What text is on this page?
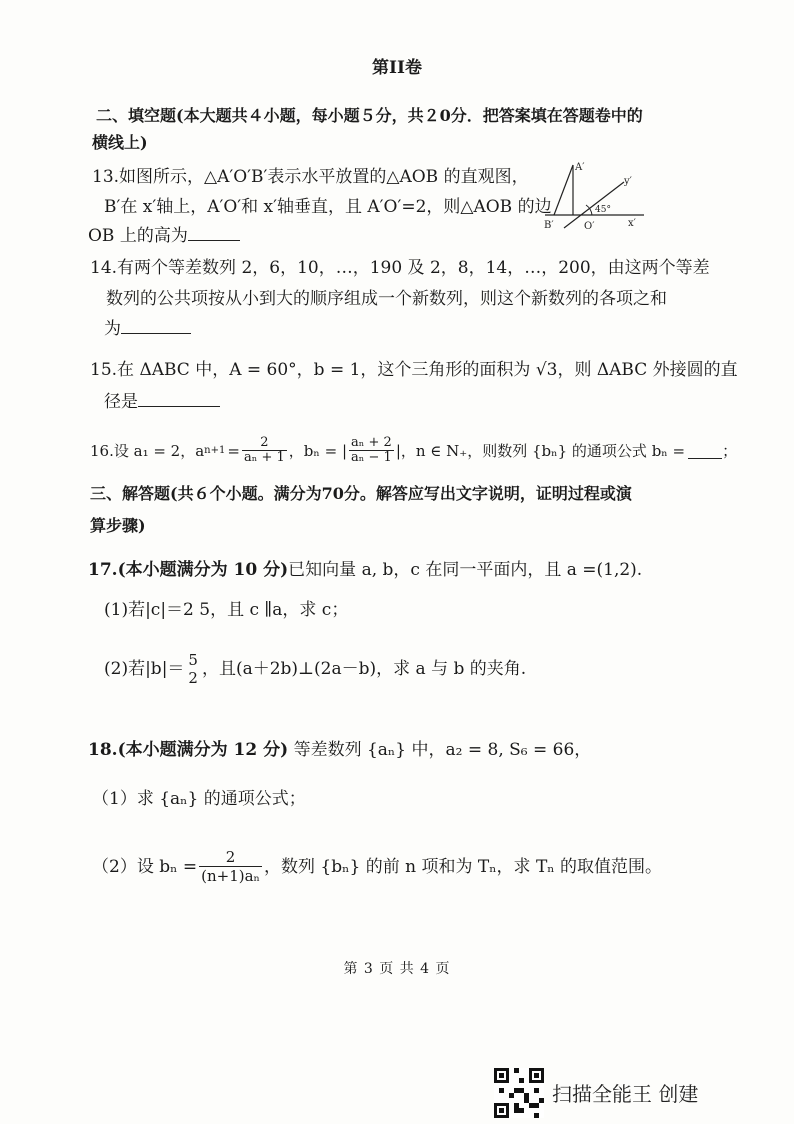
第II卷
二、填空题(本大题共４小题，每小题５分，共２0分．把答案填在答题卷中的
横线上)
13.如图所示，△A′O′B′表示水平放置的△AOB 的直观图，
B′在 x′轴上，A′O′和 x′轴垂直，且 A′O′=2，则△AOB 的边
OB 上的高为
A′
B′	O′	x′
y′
45°
14.有两个等差数列 2，6，10，…，190 及 2，8，14，…，200，由这两个等差
数列的公共项按从小到大的顺序组成一个新数列，则这个新数列的各项之和
为
15.在 ΔABC 中，A = 60°，b = 1，这个三角形的面积为 √3，则 ΔABC 外接圆的直
径是
16.设 a₁ = 2，a $n+1 = \frac{2}{\text{aₙ + 1}}$ ，bₙ = | $\frac{\text{aₙ + 2}}{\text{aₙ − 1}}$ |，n ∈ N₊，则数列 {bₙ} 的通项公式 bₙ = ；
三、解答题(共６个小题。满分为70分。解答应写出文字说明，证明过程或演
算步骤)
17.(本小题满分为 10 分)已知向量 a, b，c 在同一平面内，且 a =(1,2).
(1)若|c|＝2 5，且 c ∥a，求 c；
(2)若|b|＝ 5
2 ，且(a＋2b)⊥(2a－b)，求 a 与 b 的夹角.
18.(本小题满分为 12 分) 等差数列 {aₙ} 中，a₂ = 8, S₆ = 66，
（1）求 {aₙ} 的通项公式；
（2）设 $b_n = \frac{2}{\text{(n+1)aₙ}}$ ，数列 {bₙ} 的前 n 项和为 Tₙ，求 Tₙ 的取值范围。
第 3 页 共 4 页
扫描全能王 创建
